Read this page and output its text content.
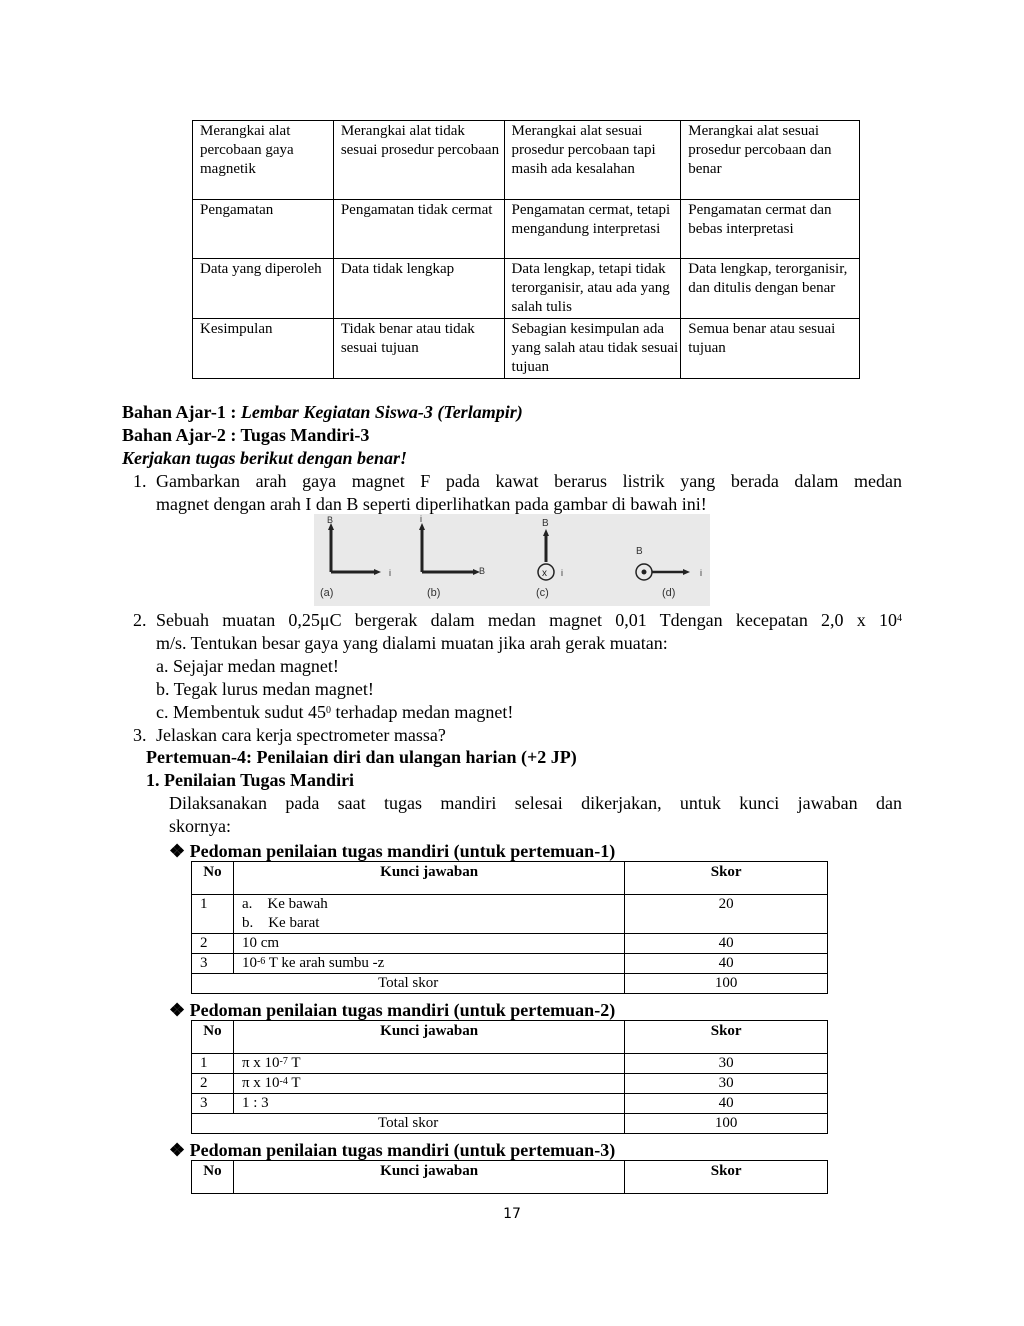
Merangkai alat percobaan gaya magnetik	Merangkai alat tidak sesuai prosedur percobaan	Merangkai alat sesuai prosedur percobaan tapi masih ada kesalahan	Merangkai alat sesuai prosedur percobaan dan benar
Pengamatan	Pengamatan tidak cermat	Pengamatan cermat, tetapi mengandung interpretasi	Pengamatan cermat dan bebas interpretasi
Data yang diperoleh	Data tidak lengkap	Data lengkap, tetapi tidak terorganisir, atau ada yang salah tulis	Data lengkap, terorganisir, dan ditulis dengan benar
Kesimpulan	Tidak benar atau tidak sesuai tujuan	Sebagian kesimpulan ada yang salah atau tidak sesuai tujuan	Semua benar atau sesuai tujuan
Bahan Ajar-1 : Lembar Kegiatan Siswa-3 (Terlampir)
Bahan Ajar-2 : Tugas Mandiri-3
Kerjakan tugas berikut dengan benar!
1. Gambarkan arah gaya magnet F pada kawat berarus listrik yang berada dalam medan
magnet dengan arah I dan B seperti diperlihatkan pada gambar di bawah ini!
B
i
(a)
i
B
(b)
x
B
i
(c)
B
i
(d)
2. Sebuah muatan 0,25μC bergerak dalam medan magnet 0,01 Tdengan kecepatan 2,0 x $10^4$
m/s. Tentukan besar gaya yang dialami muatan jika arah gerak muatan:
a. Sejajar medan magnet!
b. Tegak lurus medan magnet!
c. Membentuk sudut $45^0$ terhadap medan magnet!
3. Jelaskan cara kerja spectrometer massa?
Pertemuan-4: Penilaian diri dan ulangan harian (+2 JP)
1. Penilaian Tugas Mandiri
Dilaksanakan pada saat tugas mandiri selesai dikerjakan, untuk kunci jawaban dan
skornya:
❖ Pedoman penilaian tugas mandiri (untuk pertemuan-1)
No	Kunci jawaban	Skor
1	a.    Ke bawah
b.    Ke barat	20
2	10 cm	40
3	$10^{-6}$ T ke arah sumbu -z	40
Total skor		100
❖ Pedoman penilaian tugas mandiri (untuk pertemuan-2)
No	Kunci jawaban	Skor
1	π x $10^{-7}$ T	30
2	π x $10^{-4}$ T	30
3	1 : 3	40
Total skor		100
❖ Pedoman penilaian tugas mandiri (untuk pertemuan-3)
No	Kunci jawaban	Skor
17
